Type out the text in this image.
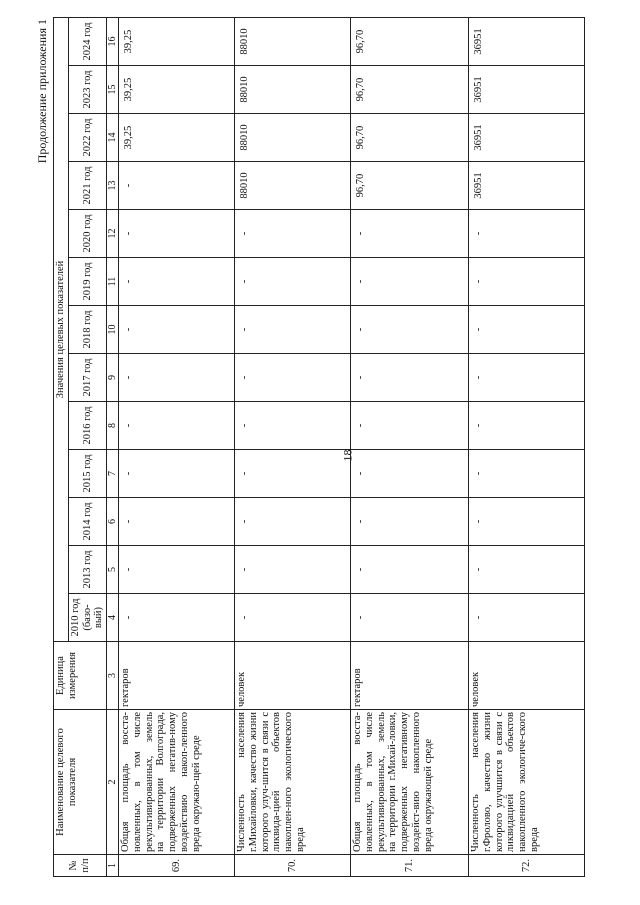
18
Продолжение приложения 1
№ п/п	Наименование целевого показателя	Единица измерения	Значения целевых показателей												
			2010 год (базо-вый)	2013 год	2014 год	2015 год	2016 год	2017 год	2018 год	2019 год	2020 год	2021 год	2022 год	2023 год	2024 год
1	2	3	4	5	6	7	8	9	10	11	12	13	14	15	16
69.	Общая площадь восста-новленных, в том числе рекультивированных, земель на территории Волгограда, подверженных негатив-ному воздействию накоп-ленного вреда окружаю-щей среде	гектаров	-	-	-	-	-	-	-	-	-	-	39,25	39,25	39,25
70.	Численность населения г.Михайловки, качество жизни которого улуч-шится в связи с ликвида-цией объектов накоплен-ного экологического вреда	человек	-	-	-	-	-	-	-	-	-	88010	88010	88010	88010
71.	Общая площадь восста-новленных, в том числе рекультивированных, земель на территории г.Михай-ловки, подверженных негативному воздейст-вию накопленного вреда окружающей среде	гектаров	-	-	-	-	-	-	-	-	-	96,70	96,70	96,70	96,70
72.	Численность населения г.Фролово, качество жизни которого улучшится в связи с ликвидацией объектов накопленного экологиче-ского вреда	человек	-	-	-	-	-	-	-	-	-	36951	36951	36951	36951
